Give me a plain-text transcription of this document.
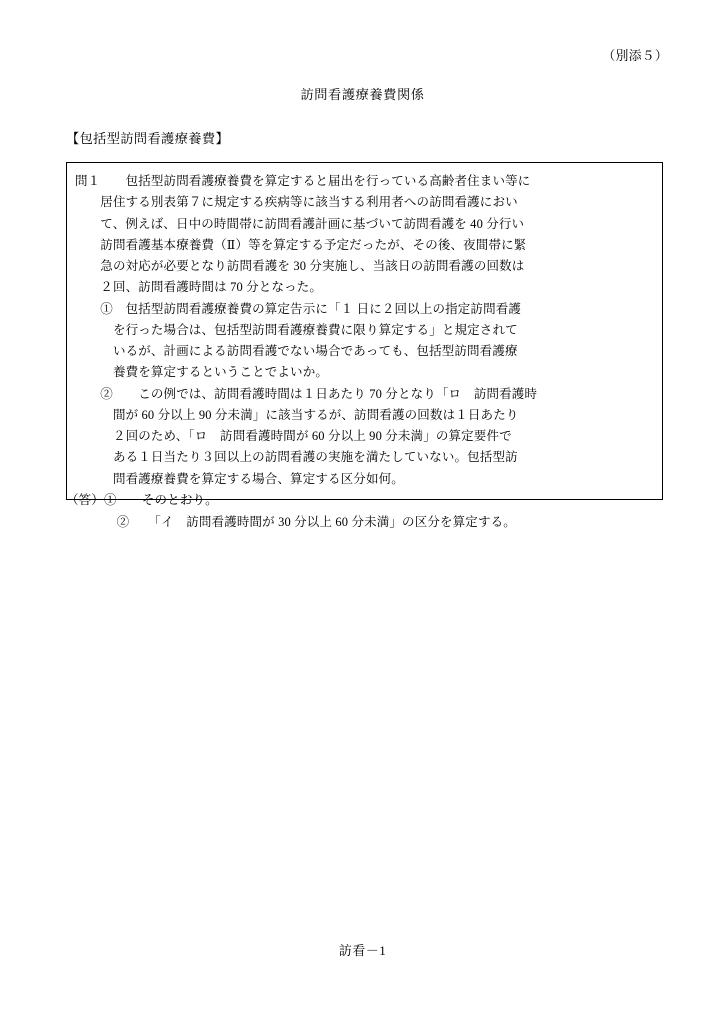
（別添５）
訪問看護療養費関係
【包括型訪問看護療養費】
問１　　包括型訪問看護療養費を算定すると届出を行っている高齢者住まい等に
　　居住する別表第７に規定する疾病等に該当する利用者への訪問看護におい
　　て、例えば、日中の時間帯に訪問看護計画に基づいて訪問看護を 40 分行い
　　訪問看護基本療養費（Ⅱ）等を算定する予定だったが、その後、夜間帯に緊
　　急の対応が必要となり訪問看護を 30 分実施し、当該日の訪問看護の回数は
　　２回、訪問看護時間は 70 分となった。
　　①　包括型訪問看護療養費の算定告示に「１ 日に２回以上の指定訪問看護
　　　を行った場合は、包括型訪問看護療養費に限り算定する」と規定されて
　　　いるが、計画による訪問看護でない場合であっても、包括型訪問看護療
　　　養費を算定するということでよいか。
　　②　　この例では、訪問看護時間は１日あたり 70 分となり「ロ　訪問看護時
　　　間が 60 分以上 90 分未満」に該当するが、訪問看護の回数は１日あたり
　　　２回のため、「ロ　訪問看護時間が 60 分以上 90 分未満」の算定要件で
　　　ある１日当たり３回以上の訪問看護の実施を満たしていない。包括型訪
　　　問看護療養費を算定する場合、算定する区分如何。
（答）①　　そのとおり。
　　　　②　　「イ　訪問看護時間が 30 分以上 60 分未満」の区分を算定する。
訪看－1
